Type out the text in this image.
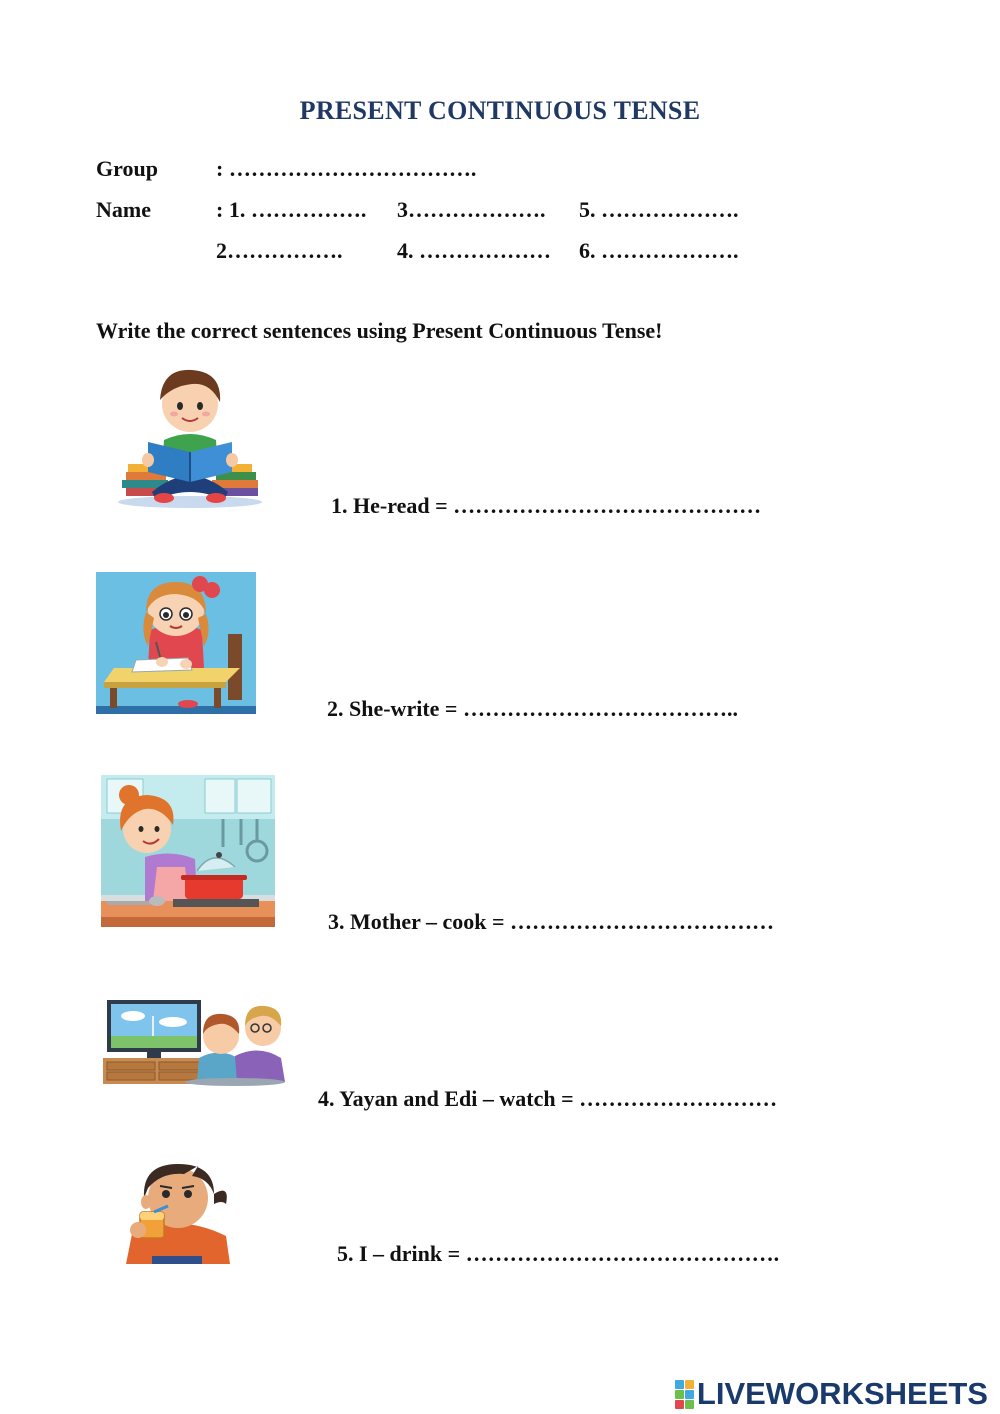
PRESENT CONTINUOUS TENSE
Group	: …………………………….
Name	: 1. ……………. 3………………. 5. ……………….
2……………. 4. ……………… 6. ……………….
Write the correct sentences using Present Continuous Tense!
1. He-read = ……………………………………
2. She-write = ………………………………..
3. Mother – cook = ………………………………
4. Yayan and Edi – watch = ………………………
5. I – drink = …………………………………….
LIVEWORKSHEETS
